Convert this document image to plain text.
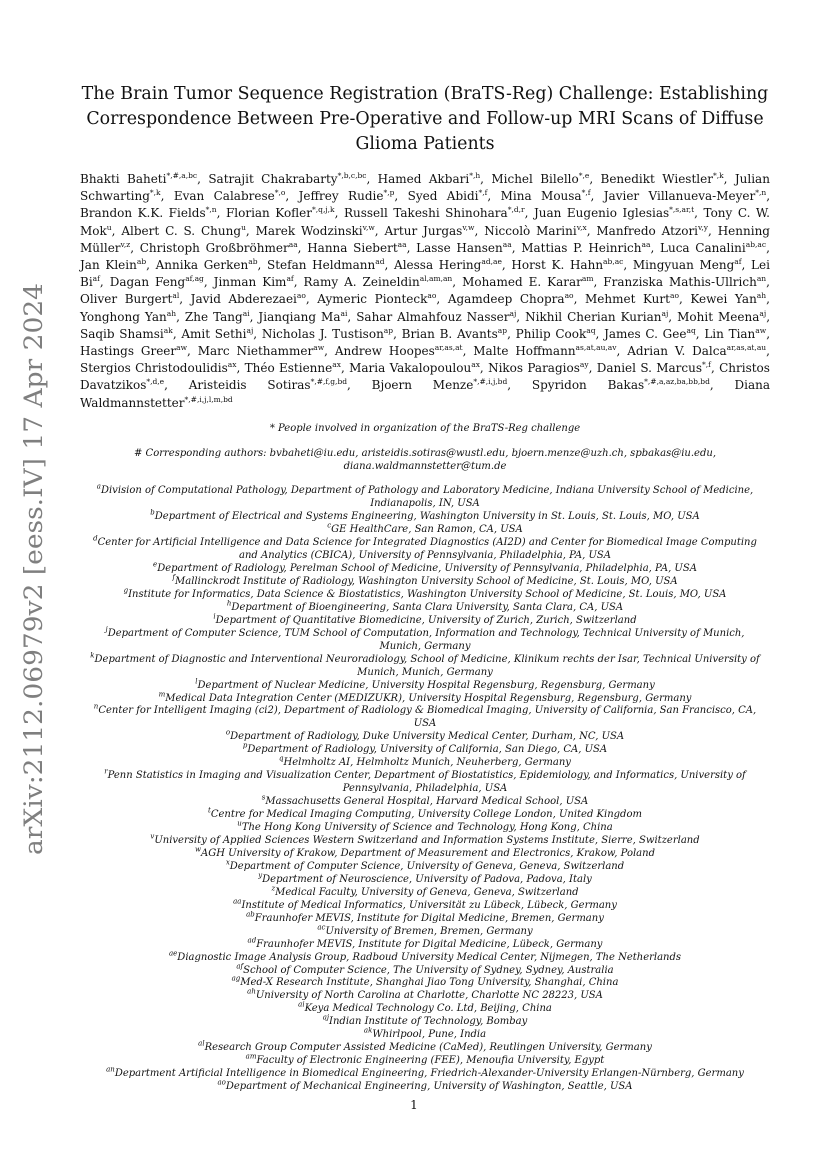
arXiv:2112.06979v2 [eess.IV] 17 Apr 2024
The Brain Tumor Sequence Registration (BraTS-Reg) Challenge: Establishing Correspondence Between Pre-Operative and Follow-up MRI Scans of Diffuse Glioma Patients

Bhakti Baheti$^{*,\#,a,bc}$, Satrajit Chakrabarty$^{*,b,c,bc}$, Hamed Akbari$^{*,h}$, Michel Bilello$^{*,e}$, Benedikt Wiestler$^{*,k}$, Julian Schwarting$^{*,k}$, Evan Calabrese$^{*,o}$, Jeffrey Rudie$^{*,p}$, Syed Abidi$^{*,f}$, Mina Mousa$^{*,f}$, Javier Villanueva-Meyer$^{*,n}$, Brandon K.K. Fields$^{*,n}$, Florian Kofler$^{*,q,j,k}$, Russell Takeshi Shinohara$^{*,d,r}$, Juan Eugenio Iglesias$^{*,s,ar,t}$, Tony C. W. Mok$^u$, Albert C. S. Chung$^u$, Marek Wodzinski$^{v,w}$, Artur Jurgas$^{v,w}$, Niccolò Marini$^{v,x}$, Manfredo Atzori$^{v,y}$, Henning Müller$^{v,z}$, Christoph Großbröhmer$^{aa}$, Hanna Siebert$^{aa}$, Lasse Hansen$^{aa}$, Mattias P. Heinrich$^{aa}$, Luca Canalini$^{ab,ac}$, Jan Klein$^{ab}$, Annika Gerken$^{ab}$, Stefan Heldmann$^{ad}$, Alessa Hering$^{ad,ae}$, Horst K. Hahn$^{ab,ac}$, Mingyuan Meng$^{af}$, Lei $Bi^{af}$, Dagan Feng$^{af,ag}$, Jinman Kim$^{af}$, Ramy A. Zeineldin$^{al,am,an}$, Mohamed E. Karar$^{am}$, Franziska Mathis-Ullrich$^{an}$, Oliver Burgert$^{al}$, Javid Abderezaei$^{ao}$, Aymeric Pionteck$^{ao}$, Agamdeep Chopra$^{ao}$, Mehmet Kurt$^{ao}$, Kewei Yan$^{ah}$, Yonghong Yan$^{ah}$, Zhe Tang$^{ai}$, Jianqiang $Ma^{ai}$, Sahar Almahfouz Nasser$^{aj}$, Nikhil Cherian Kurian$^{aj}$, Mohit Meena$^{aj}$, Saqib Shamsi$^{ak}$, Amit Sethi$^{aj}$, Nicholas J. Tustison$^{ap}$, Brian B. Avants$^{ap}$, Philip Cook$^{aq}$, James C. Gee$^{aq}$, Lin Tian$^{aw}$, Hastings Greer$^{aw}$, Marc Niethammer$^{aw}$, Andrew Hoopes$^{ar,as,at}$, Malte Hoffmann$^{as,at,au,av}$, Adrian V. Dalca$^{ar,as,at,au}$, Stergios Christodoulidis$^{ax}$, Théo Estienne$^{ax}$, Maria Vakalopoulou$^{ax}$, Nikos Paragios$^{ay}$, Daniel S. Marcus$^{*,f}$, Christos Davatzikos$^{*,d,e}$, Aristeidis Sotiras$^{*,\#,f,g,bd}$, Bjoern Menze$^{*,\#,i,j,bd}$, Spyridon Bakas$^{*,\#,a,az,ba,bb,bd}$, Diana Waldmannstetter$^{*,\#,i,j,l,m,bd}$

* People involved in organization of the BraTS-Reg challenge

# Corresponding authors: bvbaheti@iu.edu, aristeidis.sotiras@wustl.edu, bjoern.menze@uzh.ch, spbakas@iu.edu, diana.waldmannstetter@tum.de

$^a$Division of Computational Pathology, Department of Pathology and Laboratory Medicine, Indiana University School of Medicine, Indianapolis, IN, USA
$^b$Department of Electrical and Systems Engineering, Washington University in St. Louis, St. Louis, MO, USA
$^c$GE HealthCare, San Ramon, CA, USA
$^d$Center for Artificial Intelligence and Data Science for Integrated Diagnostics (AI2D) and Center for Biomedical Image Computing and Analytics (CBICA), University of Pennsylvania, Philadelphia, PA, USA
$^e$Department of Radiology, Perelman School of Medicine, University of Pennsylvania, Philadelphia, PA, USA
$^f$Mallinckrodt Institute of Radiology, Washington University School of Medicine, St. Louis, MO, USA
$^g$Institute for Informatics, Data Science & Biostatistics, Washington University School of Medicine, St. Louis, MO, USA
$^h$Department of Bioengineering, Santa Clara University, Santa Clara, CA, USA
$^i$Department of Quantitative Biomedicine, University of Zurich, Zurich, Switzerland
$^j$Department of Computer Science, TUM School of Computation, Information and Technology, Technical University of Munich, Munich, Germany
$^k$Department of Diagnostic and Interventional Neuroradiology, School of Medicine, Klinikum rechts der Isar, Technical University of Munich, Munich, Germany
$^l$Department of Nuclear Medicine, University Hospital Regensburg, Regensburg, Germany
$^m$Medical Data Integration Center (MEDIZUKR), University Hospital Regensburg, Regensburg, Germany
$^n$Center for Intelligent Imaging (ci2), Department of Radiology & Biomedical Imaging, University of California, San Francisco, CA, USA
$^o$Department of Radiology, Duke University Medical Center, Durham, NC, USA
$^p$Department of Radiology, University of California, San Diego, CA, USA
$^q$Helmholtz AI, Helmholtz Munich, Neuherberg, Germany
$^r$Penn Statistics in Imaging and Visualization Center, Department of Biostatistics, Epidemiology, and Informatics, University of Pennsylvania, Philadelphia, USA
$^s$Massachusetts General Hospital, Harvard Medical School, USA
$^t$Centre for Medical Imaging Computing, University College London, United Kingdom
$^u$The Hong Kong University of Science and Technology, Hong Kong, China
$^v$University of Applied Sciences Western Switzerland and Information Systems Institute, Sierre, Switzerland
$^w$AGH University of Krakow, Department of Measurement and Electronics, Krakow, Poland
$^x$Department of Computer Science, University of Geneva, Geneva, Switzerland
$^y$Department of Neuroscience, University of Padova, Padova, Italy
$^z$Medical Faculty, University of Geneva, Geneva, Switzerland
$^{aa}$Institute of Medical Informatics, Universität zu Lübeck, Lübeck, Germany
$^{ab}$Fraunhofer MEVIS, Institute for Digital Medicine, Bremen, Germany
$^{ac}$University of Bremen, Bremen, Germany
$^{ad}$Fraunhofer MEVIS, Institute for Digital Medicine, Lübeck, Germany
$^{ae}$Diagnostic Image Analysis Group, Radboud University Medical Center, Nijmegen, The Netherlands
$^{af}$School of Computer Science, The University of Sydney, Sydney, Australia
$^{ag}$Med-X Research Institute, Shanghai Jiao Tong University, Shanghai, China
$^{ah}$University of North Carolina at Charlotte, Charlotte NC 28223, USA
$^{ai}$Keya Medical Technology Co. Ltd, Beijing, China
$^{aj}$Indian Institute of Technology, Bombay
$^{ak}$Whirlpool, Pune, India
$^{al}$Research Group Computer Assisted Medicine (CaMed), Reutlingen University, Germany
$^{am}$Faculty of Electronic Engineering (FEE), Menoufia University, Egypt
$^{an}$Department Artificial Intelligence in Biomedical Engineering, Friedrich-Alexander-University Erlangen-Nürnberg, Germany
$^{ao}$Department of Mechanical Engineering, University of Washington, Seattle, USA
1
